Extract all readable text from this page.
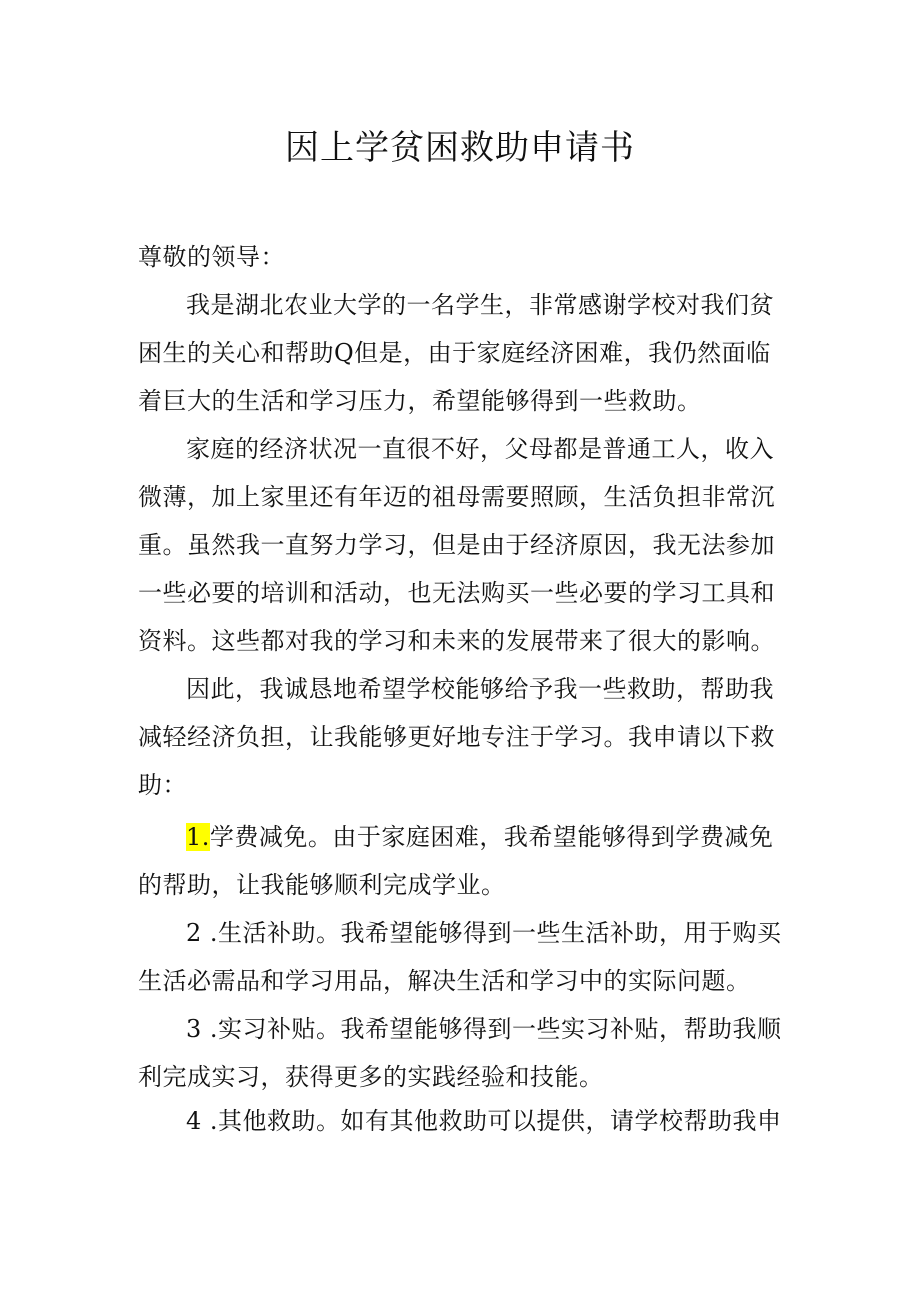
因上学贫困救助申请书
尊敬的领导：
我是湖北农业大学的一名学生，非常感谢学校对我们贫
困生的关心和帮助Q但是，由于家庭经济困难，我仍然面临
着巨大的生活和学习压力，希望能够得到一些救助。
家庭的经济状况一直很不好，父母都是普通工人，收入
微薄，加上家里还有年迈的祖母需要照顾，生活负担非常沉
重。虽然我一直努力学习，但是由于经济原因，我无法参加
一些必要的培训和活动，也无法购买一些必要的学习工具和
资料。这些都对我的学习和未来的发展带来了很大的影响。
因此，我诚恳地希望学校能够给予我一些救助，帮助我
减轻经济负担，让我能够更好地专注于学习。我申请以下救
助：
1.学费减免。由于家庭困难，我希望能够得到学费减免
的帮助，让我能够顺利完成学业。
2 .生活补助。我希望能够得到一些生活补助，用于购买
生活必需品和学习用品，解决生活和学习中的实际问题。
3 .实习补贴。我希望能够得到一些实习补贴，帮助我顺
利完成实习，获得更多的实践经验和技能。
4 .其他救助。如有其他救助可以提供，请学校帮助我申
